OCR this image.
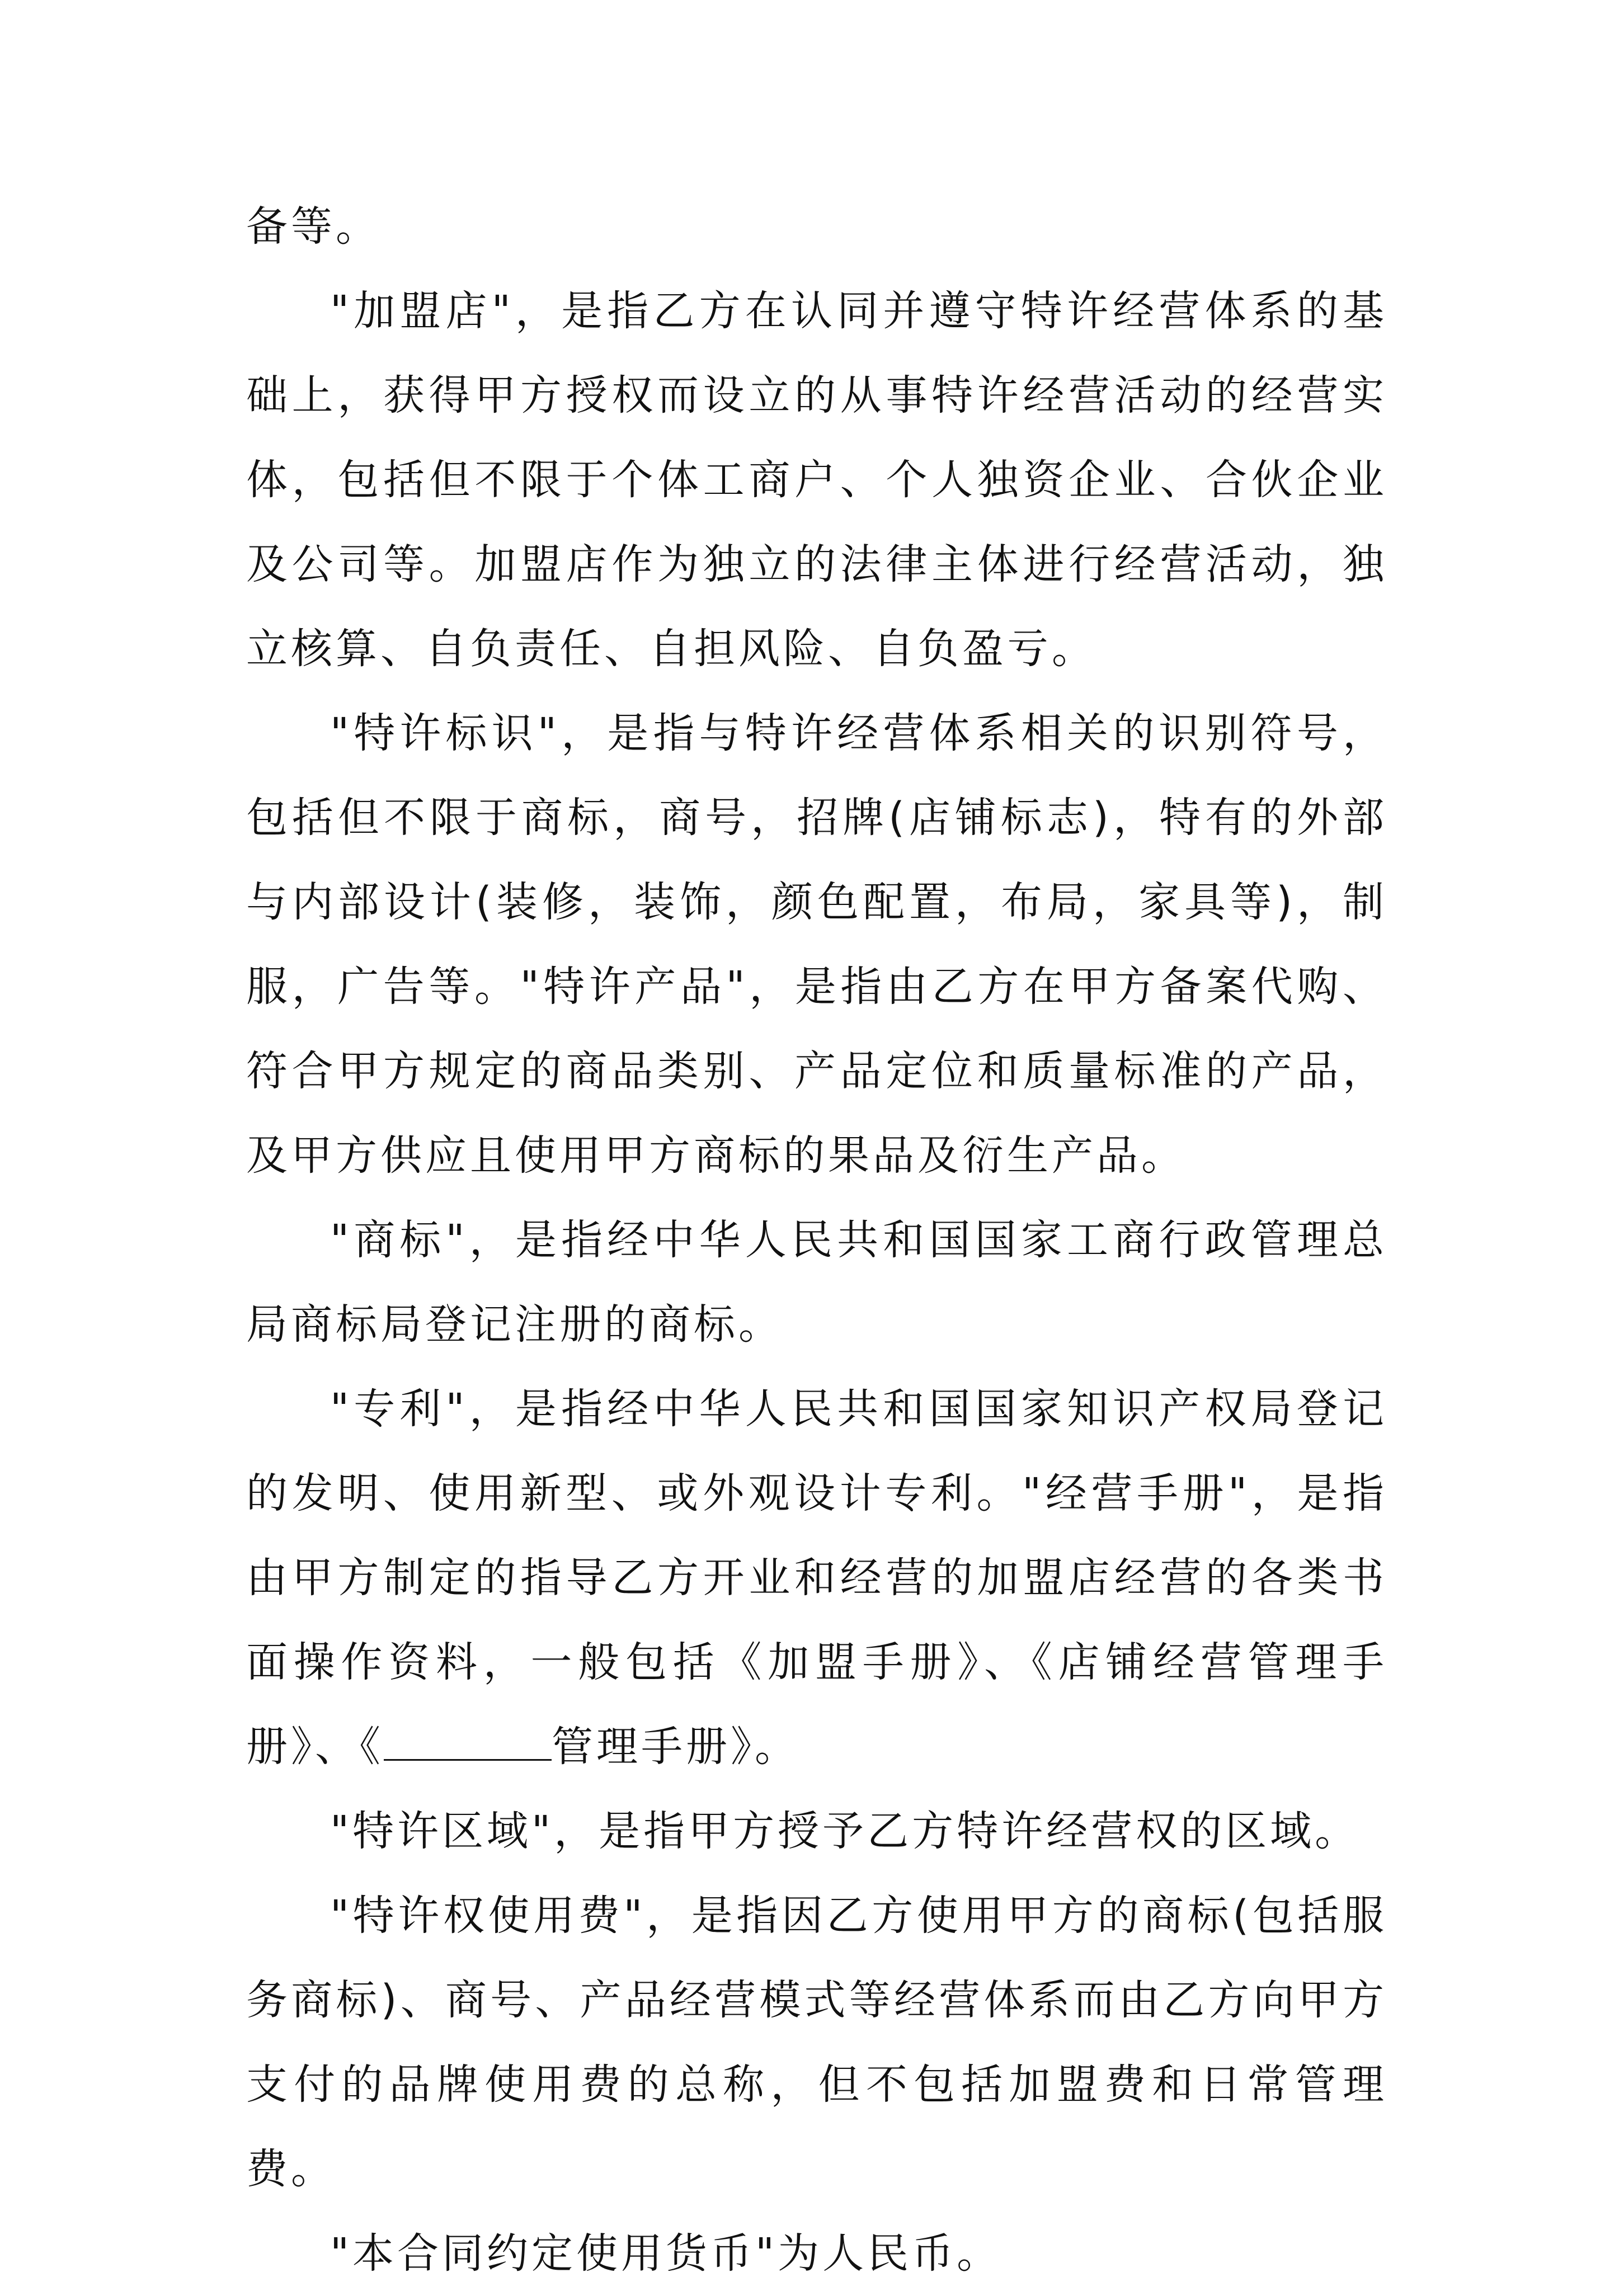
备等。

"加盟店"，是指乙方在认同并遵守特许经营体系的基础上，获得甲方授权而设立的从事特许经营活动的经营实体，包括但不限于个体工商户、个人独资企业、合伙企业及公司等。加盟店作为独立的法律主体进行经营活动，独立核算、自负责任、自担风险、自负盈亏。

"特许标识"，是指与特许经营体系相关的识别符号，包括但不限于商标，商号，招牌(店铺标志)，特有的外部与内部设计(装修，装饰，颜色配置，布局，家具等)，制服，广告等。"特许产品"，是指由乙方在甲方备案代购、符合甲方规定的商品类别、产品定位和质量标准的产品，及甲方供应且使用甲方商标的果品及衍生产品。

"商标"，是指经中华人民共和国国家工商行政管理总局商标局登记注册的商标。

"专利"，是指经中华人民共和国国家知识产权局登记的发明、使用新型、或外观设计专利。"经营手册"，是指由甲方制定的指导乙方开业和经营的加盟店经营的各类书面操作资料，一般包括《加盟手册》、《店铺经营管理手册》、《	管理手册》。

"特许区域"，是指甲方授予乙方特许经营权的区域。

"特许权使用费"，是指因乙方使用甲方的商标(包括服务商标)、商号、产品经营模式等经营体系而由乙方向甲方支付的品牌使用费的总称，但不包括加盟费和日常管理费。

"本合同约定使用货币"为人民币。
